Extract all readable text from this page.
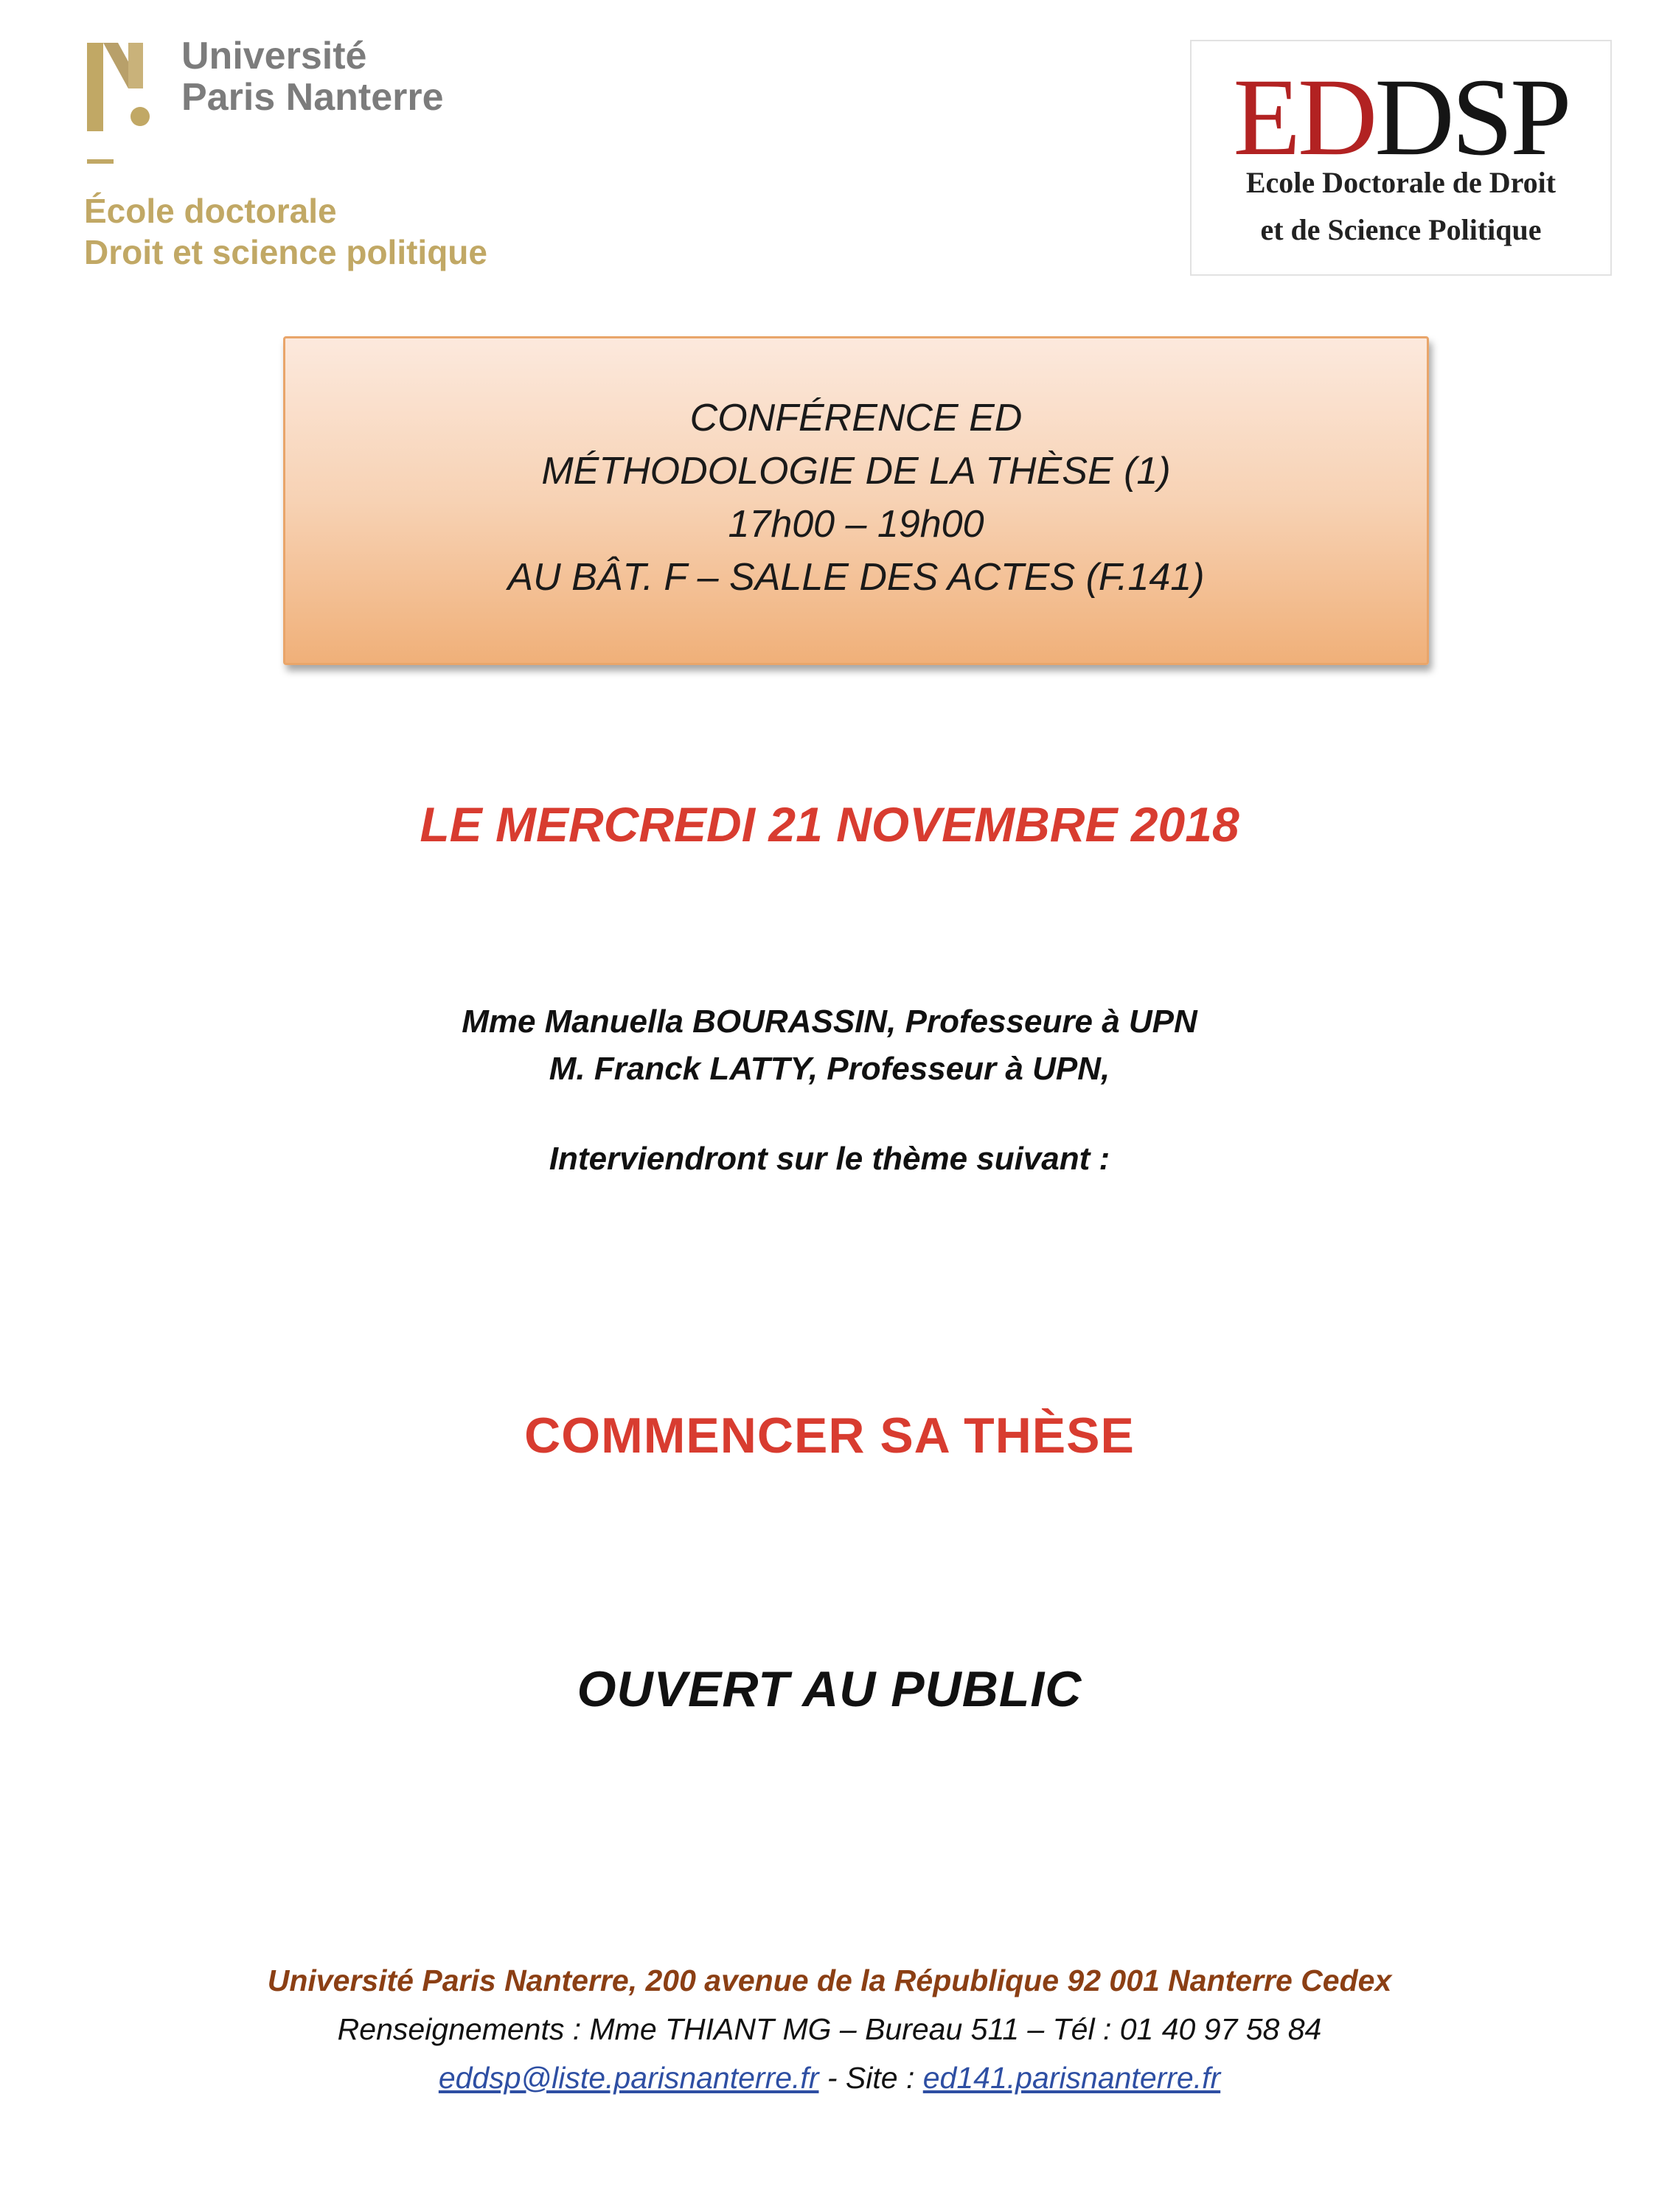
Université
Paris Nanterre
École doctorale
Droit et science politique
EDDSP
Ecole Doctorale de Droit
et de Science Politique
CONFÉRENCE ED
MÉTHODOLOGIE DE LA THÈSE (1)
17h00 – 19h00
AU BÂT. F – SALLE DES ACTES (F.141)
LE MERCREDI 21 NOVEMBRE 2018
Mme Manuella BOURASSIN, Professeure à UPN
M. Franck LATTY, Professeur à UPN,
Interviendront sur le thème suivant :
COMMENCER SA THÈSE
OUVERT AU PUBLIC
Université Paris Nanterre, 200 avenue de la République 92 001 Nanterre Cedex
Renseignements : Mme THIANT MG – Bureau 511 – Tél : 01 40 97 58 84
eddsp@liste.parisnanterre.fr - Site : ed141.parisnanterre.fr
